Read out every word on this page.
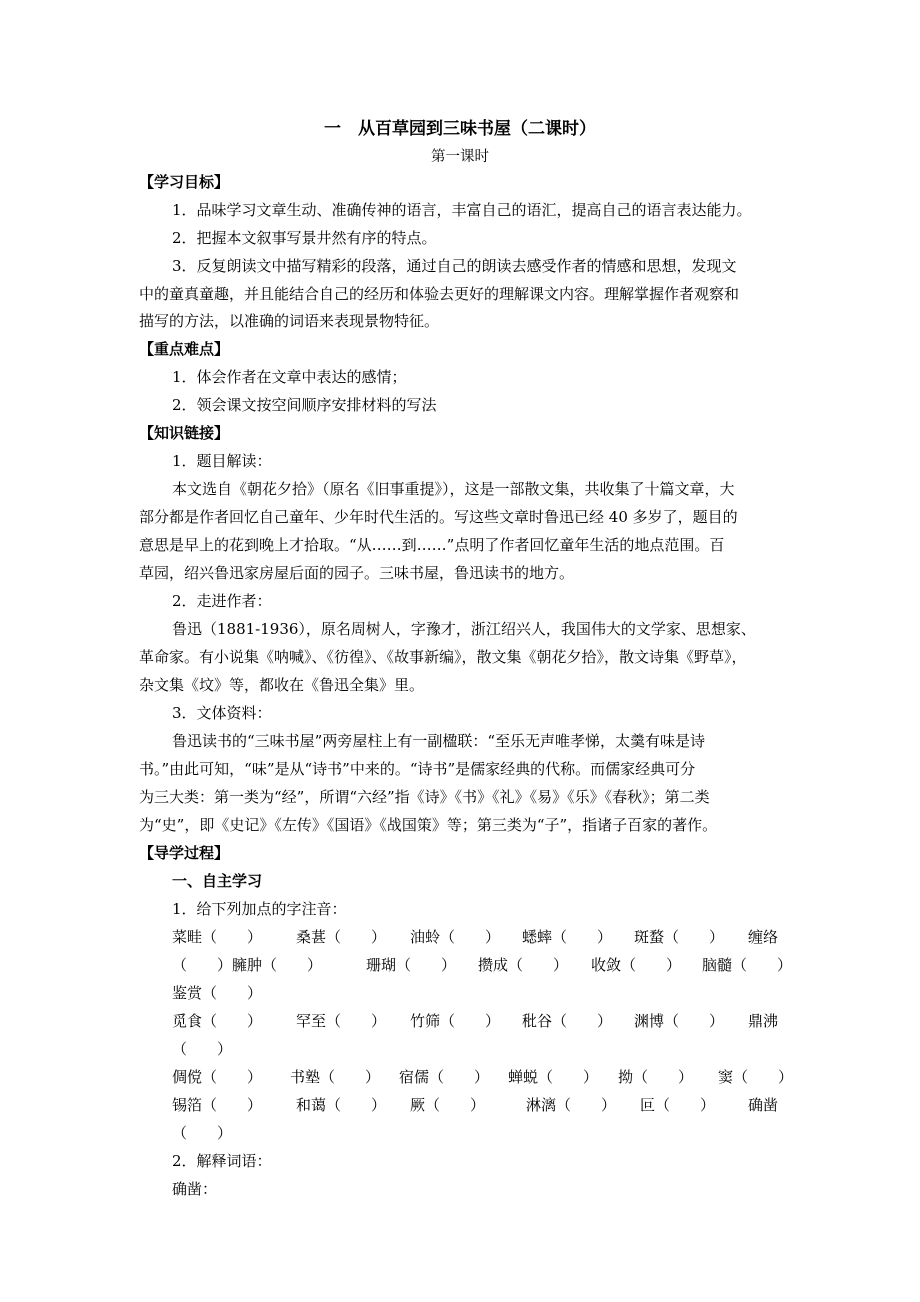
一　从百草园到三味书屋（二课时）
第一课时
【学习目标】
1．品味学习文章生动、准确传神的语言，丰富自己的语汇，提高自己的语言表达能力。
2．把握本文叙事写景井然有序的特点。
3．反复朗读文中描写精彩的段落，通过自己的朗读去感受作者的情感和思想，发现文
中的童真童趣，并且能结合自己的经历和体验去更好的理解课文内容。理解掌握作者观察和
描写的方法，以准确的词语来表现景物特征。
【重点难点】
1．体会作者在文章中表达的感情；
2．领会课文按空间顺序安排材料的写法
【知识链接】
1．题目解读：
本文选自《朝花夕拾》（原名《旧事重提》），这是一部散文集，共收集了十篇文章，大
部分都是作者回忆自己童年、少年时代生活的。写这些文章时鲁迅已经 40 多岁了，题目的
意思是早上的花到晚上才拾取。“从……到……”点明了作者回忆童年生活的地点范围。百
草园，绍兴鲁迅家房屋后面的园子。三味书屋，鲁迅读书的地方。
2．走进作者：
鲁迅（1881-1936），原名周树人，字豫才，浙江绍兴人，我国伟大的文学家、思想家、
革命家。有小说集《呐喊》、《彷徨》、《故事新编》，散文集《朝花夕拾》，散文诗集《野草》，
杂文集《坟》等，都收在《鲁迅全集》里。
3．文体资料：
鲁迅读书的“三味书屋”两旁屋柱上有一副楹联：“至乐无声唯孝悌，太羹有味是诗
书。”由此可知，“味”是从“诗书”中来的。“诗书”是儒家经典的代称。而儒家经典可分
为三大类：第一类为“经”，所谓“六经”指《诗》《书》《礼》《易》《乐》《春秋》；第二类
为“史”，即《史记》《左传》《国语》《战国策》等；第三类为“子”，指诸子百家的著作。
【导学过程】
一、自主学习
1．给下列加点的字注音：
菜畦（　　） 桑葚（　　） 油蛉（　　） 蟋蟀（　　） 斑蝥（　　） 缠络
（　　）臃肿（　　）	珊瑚（　　） 攒成（　　） 收敛（　　） 脑髓（　　）
鉴赏（　　）
觅食（　　） 罕至（　　） 竹筛（　　） 秕谷（　　） 渊博（　　） 鼎沸
（　　）
倜傥（　　） 书塾（　　） 宿儒（　　） 蝉蜕（　　） 拗（　　） 窦（　　）
锡箔（　　） 和蔼（　　） 厥（　　）	淋漓（　　） 叵（　　） 确凿
（　　）
2．解释词语：
确凿：
